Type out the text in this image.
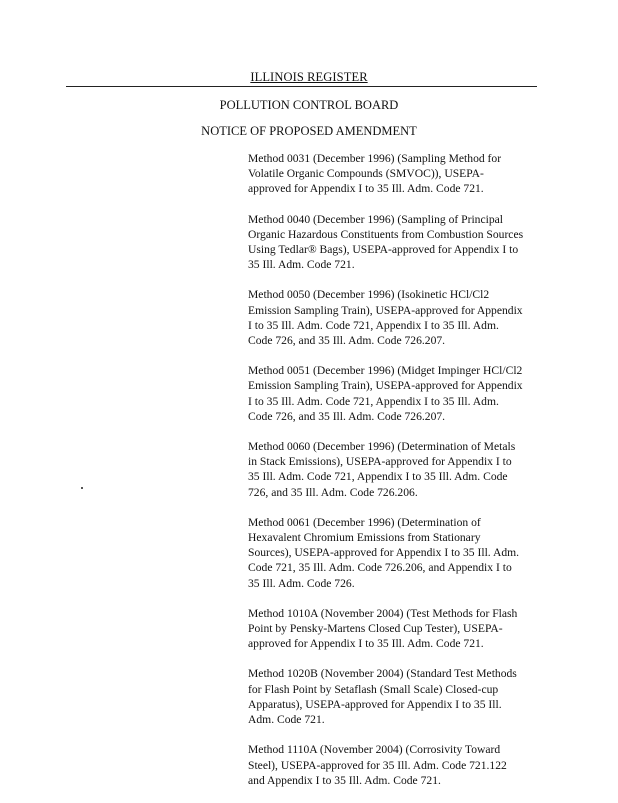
ILLINOIS REGISTER
POLLUTION CONTROL BOARD
NOTICE OF PROPOSED AMENDMENT

Method 0031 (December 1996) (Sampling Method for
Volatile Organic Compounds (SMVOC)), USEPA-
approved for Appendix I to 35 Ill. Adm. Code 721.

Method 0040 (December 1996) (Sampling of Principal
Organic Hazardous Constituents from Combustion Sources
Using Tedlar® Bags), USEPA-approved for Appendix I to
35 Ill. Adm. Code 721.

Method 0050 (December 1996) (Isokinetic HCl/Cl2
Emission Sampling Train), USEPA-approved for Appendix
I to 35 Ill. Adm. Code 721, Appendix I to 35 Ill. Adm.
Code 726, and 35 Ill. Adm. Code 726.207.

Method 0051 (December 1996) (Midget Impinger HCl/Cl2
Emission Sampling Train), USEPA-approved for Appendix
I to 35 Ill. Adm. Code 721, Appendix I to 35 Ill. Adm.
Code 726, and 35 Ill. Adm. Code 726.207.

Method 0060 (December 1996) (Determination of Metals
in Stack Emissions), USEPA-approved for Appendix I to
35 Ill. Adm. Code 721, Appendix I to 35 Ill. Adm. Code
726, and 35 Ill. Adm. Code 726.206.

Method 0061 (December 1996) (Determination of
Hexavalent Chromium Emissions from Stationary
Sources), USEPA-approved for Appendix I to 35 Ill. Adm.
Code 721, 35 Ill. Adm. Code 726.206, and Appendix I to
35 Ill. Adm. Code 726.

Method 1010A (November 2004) (Test Methods for Flash
Point by Pensky-Martens Closed Cup Tester), USEPA-
approved for Appendix I to 35 Ill. Adm. Code 721.

Method 1020B (November 2004) (Standard Test Methods
for Flash Point by Setaflash (Small Scale) Closed-cup
Apparatus), USEPA-approved for Appendix I to 35 Ill.
Adm. Code 721.

Method 1110A (November 2004) (Corrosivity Toward
Steel), USEPA-approved for 35 Ill. Adm. Code 721.122
and Appendix I to 35 Ill. Adm. Code 721.
